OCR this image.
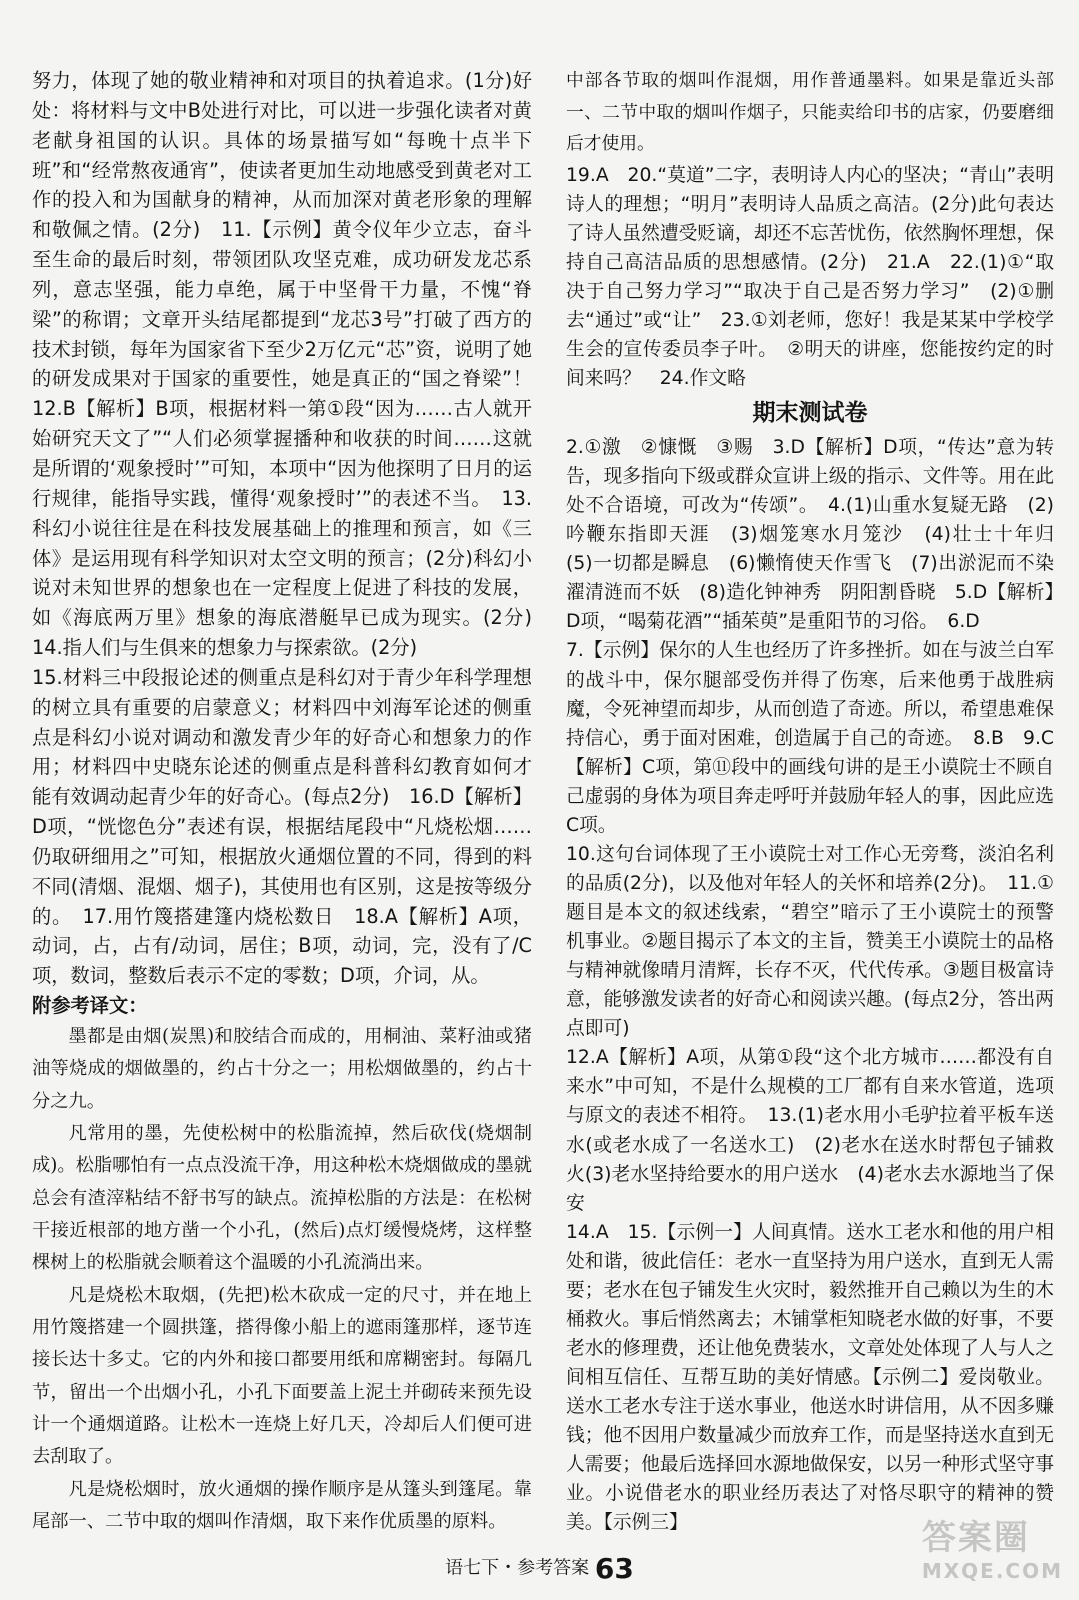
努力，体现了她的敬业精神和对项目的执着追求。(1分)好处：将材料与文中B处进行对比，可以进一步强化读者对黄老献身祖国的认识。具体的场景描写如“每晚十点半下班”和“经常熬夜通宵”，使读者更加生动地感受到黄老对工作的投入和为国献身的精神，从而加深对黄老形象的理解和敬佩之情。(2分)　11.【示例】黄令仪年少立志，奋斗至生命的最后时刻，带领团队攻坚克难，成功研发龙芯系列，意志坚强，能力卓绝，属于中坚骨干力量，不愧“脊梁”的称谓；文章开头结尾都提到“龙芯3号”打破了西方的技术封锁，每年为国家省下至少2万亿元“芯”资，说明了她的研发成果对于国家的重要性，她是真正的“国之脊梁”！　12.B【解析】B项，根据材料一第①段“因为……古人就开始研究天文了”“人们必须掌握播种和收获的时间……这就是所谓的‘观象授时’”可知，本项中“因为他探明了日月的运行规律，能指导实践，懂得‘观象授时’”的表述不当。　13.科幻小说往往是在科技发展基础上的推理和预言，如《三体》是运用现有科学知识对太空文明的预言；(2分)科幻小说对未知世界的想象也在一定程度上促进了科技的发展，如《海底两万里》想象的海底潜艇早已成为现实。(2分)　14.指人们与生俱来的想象力与探索欲。(2分)

15.材料三中段报论述的侧重点是科幻对于青少年科学理想的树立具有重要的启蒙意义；材料四中刘海军论述的侧重点是科幻小说对调动和激发青少年的好奇心和想象力的作用；材料四中史晓东论述的侧重点是科普科幻教育如何才能有效调动起青少年的好奇心。(每点2分)　16.D【解析】D项，“恍惚色分”表述有误，根据结尾段中“凡烧松烟……仍取研细用之”可知，根据放火通烟位置的不同，得到的料不同(清烟、混烟、烟子)，其使用也有区别，这是按等级分的。　17.用竹篾搭建篷内烧松数日　18.A【解析】A项，动词，占，占有/动词，居住；B项，动词，完，没有了/C项，数词，整数后表示不定的零数；D项，介词，从。

附参考译文：

墨都是由烟(炭黑)和胶结合而成的，用桐油、菜籽油或猪油等烧成的烟做墨的，约占十分之一；用松烟做墨的，约占十分之九。

凡常用的墨，先使松树中的松脂流掉，然后砍伐(烧烟制成)。松脂哪怕有一点点没流干净，用这种松木烧烟做成的墨就总会有渣滓粘结不舒书写的缺点。流掉松脂的方法是：在松树干接近根部的地方凿一个小孔，(然后)点灯缓慢烧烤，这样整棵树上的松脂就会顺着这个温暖的小孔流淌出来。

凡是烧松木取烟，(先把)松木砍成一定的尺寸，并在地上用竹篾搭建一个圆拱篷，搭得像小船上的遮雨篷那样，逐节连接长达十多丈。它的内外和接口都要用纸和席糊密封。每隔几节，留出一个出烟小孔，小孔下面要盖上泥土并砌砖来预先设计一个通烟道路。让松木一连烧上好几天，冷却后人们便可进去刮取了。

凡是烧松烟时，放火通烟的操作顺序是从篷头到篷尾。靠尾部一、二节中取的烟叫作清烟，取下来作优质墨的原料。

中部各节取的烟叫作混烟，用作普通墨料。如果是靠近头部一、二节中取的烟叫作烟子，只能卖给印书的店家，仍要磨细后才使用。

19.A　20.“莫道”二字，表明诗人内心的坚决；“青山”表明诗人的理想；“明月”表明诗人品质之高洁。(2分)此句表达了诗人虽然遭受贬谪，却还不忘苦忧伤，依然胸怀理想，保持自己高洁品质的思想感情。(2分)　21.A　22.(1)①“取决于自己努力学习”“取决于自己是否努力学习”　(2)①删去“通过”或“让”　23.①刘老师，您好！我是某某中学校学生会的宣传委员李子叶。　②明天的讲座，您能按约定的时间来吗？　24.作文略

期末测试卷

2.①激　②慷慨　③赐　3.D【解析】D项，“传达”意为转告，现多指向下级或群众宣讲上级的指示、文件等。用在此处不合语境，可改为“传颂”。　4.(1)山重水复疑无路　(2)吟鞭东指即天涯　(3)烟笼寒水月笼沙　(4)壮士十年归　(5)一切都是瞬息　(6)懒惰使天作雪飞　(7)出淤泥而不染　濯清涟而不妖　(8)造化钟神秀　阴阳割昏晓　5.D【解析】D项，“喝菊花酒”“插茱萸”是重阳节的习俗。　6.D

7.【示例】保尔的人生也经历了许多挫折。如在与波兰白军的战斗中，保尔腿部受伤并得了伤寒，后来他勇于战胜病魔，令死神望而却步，从而创造了奇迹。所以，希望患难保持信心，勇于面对困难，创造属于自己的奇迹。　8.B　9.C【解析】C项，第⑪段中的画线句讲的是王小谟院士不顾自己虚弱的身体为项目奔走呼吁并鼓励年轻人的事，因此应选C项。

10.这句台词体现了王小谟院士对工作心无旁骛，淡泊名利的品质(2分)，以及他对年轻人的关怀和培养(2分)。　11.①题目是本文的叙述线索，“碧空”暗示了王小谟院士的预警机事业。②题目揭示了本文的主旨，赞美王小谟院士的品格与精神就像晴月清辉，长存不灭，代代传承。③题目极富诗意，能够激发读者的好奇心和阅读兴趣。(每点2分，答出两点即可)

12.A【解析】A项，从第①段“这个北方城市……都没有自来水”中可知，不是什么规模的工厂都有自来水管道，选项与原文的表述不相符。　13.(1)老水用小毛驴拉着平板车送水(或老水成了一名送水工)　(2)老水在送水时帮包子铺救火(3)老水坚持给要水的用户送水　(4)老水去水源地当了保安

14.A　15.【示例一】人间真情。送水工老水和他的用户相处和谐，彼此信任：老水一直坚持为用户送水，直到无人需要；老水在包子铺发生火灾时，毅然推开自己赖以为生的木桶救火。事后悄然离去；木铺掌柜知晓老水做的好事，不要老水的修理费，还让他免费装水，文章处处体现了人与人之间相互信任、互帮互助的美好情感。【示例二】爱岗敬业。送水工老水专注于送水事业，他送水时讲信用，从不因多赚钱；他不因用户数量减少而放弃工作，而是坚持送水直到无人需要；他最后选择回水源地做保安，以另一种形式坚守事业。小说借老水的职业经历表达了对恪尽职守的精神的赞美。【示例三】	答案圈
MXQE.COM
语七下・参考答案 63
